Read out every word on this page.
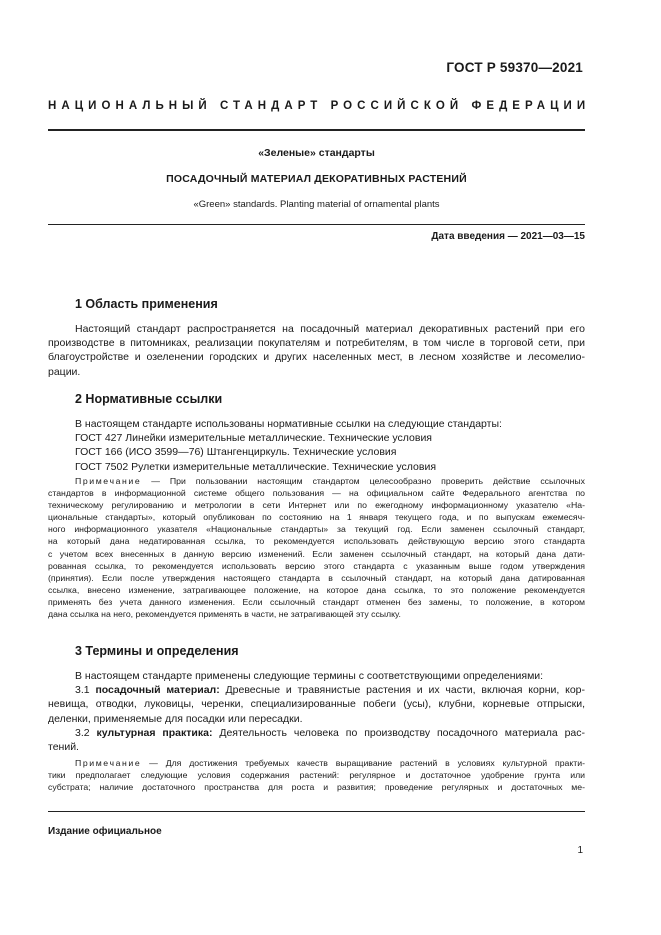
ГОСТ Р 59370—2021
НАЦИОНАЛЬНЫЙ СТАНДАРТ РОССИЙСКОЙ ФЕДЕРАЦИИ
«Зеленые» стандарты
ПОСАДОЧНЫЙ МАТЕРИАЛ ДЕКОРАТИВНЫХ РАСТЕНИЙ
«Green» standards. Planting material of ornamental plants
Дата введения — 2021—03—15
1 Область применения
Настоящий стандарт распространяется на посадочный материал декоративных растений при его
производстве в питомниках, реализации покупателям и потребителям, в том числе в торговой сети, при
благоустройстве и озеленении городских и других населенных мест, в лесном хозяйстве и лесомелио-
рации.
2 Нормативные ссылки
В настоящем стандарте использованы нормативные ссылки на следующие стандарты:
ГОСТ 427 Линейки измерительные металлические. Технические условия
ГОСТ 166 (ИСО 3599—76) Штангенциркуль. Технические условия
ГОСТ 7502 Рулетки измерительные металлические. Технические условия
Примечание — При пользовании настоящим стандартом целесообразно проверить действие ссылочных
стандартов в информационной системе общего пользования — на официальном сайте Федерального агентства по
техническому регулированию и метрологии в сети Интернет или по ежегодному информационному указателю «На-
циональные стандарты», который опубликован по состоянию на 1 января текущего года, и по выпускам ежемесяч-
ного информационного указателя «Национальные стандарты» за текущий год. Если заменен ссылочный стандарт,
на который дана недатированная ссылка, то рекомендуется использовать действующую версию этого стандарта
с учетом всех внесенных в данную версию изменений. Если заменен ссылочный стандарт, на который дана дати-
рованная ссылка, то рекомендуется использовать версию этого стандарта с указанным выше годом утверждения
(принятия). Если после утверждения настоящего стандарта в ссылочный стандарт, на который дана датированная
ссылка, внесено изменение, затрагивающее положение, на которое дана ссылка, то это положение рекомендуется
применять без учета данного изменения. Если ссылочный стандарт отменен без замены, то положение, в котором
дана ссылка на него, рекомендуется применять в части, не затрагивающей эту ссылку.
3 Термины и определения
В настоящем стандарте применены следующие термины с соответствующими определениями:
3.1 посадочный материал: Древесные и травянистые растения и их части, включая корни, кор-
невища, отводки, луковицы, черенки, специализированные побеги (усы), клубни, корневые отпрыски,
деленки, применяемые для посадки или пересадки.
3.2 культурная практика: Деятельность человека по производству посадочного материала рас-
тений.
Примечание — Для достижения требуемых качеств выращивание растений в условиях культурной практи-
тики предполагает следующие условия содержания растений: регулярное и достаточное удобрение грунта или
субстрата; наличие достаточного пространства для роста и развития; проведение регулярных и достаточных ме-
Издание официальное
1
